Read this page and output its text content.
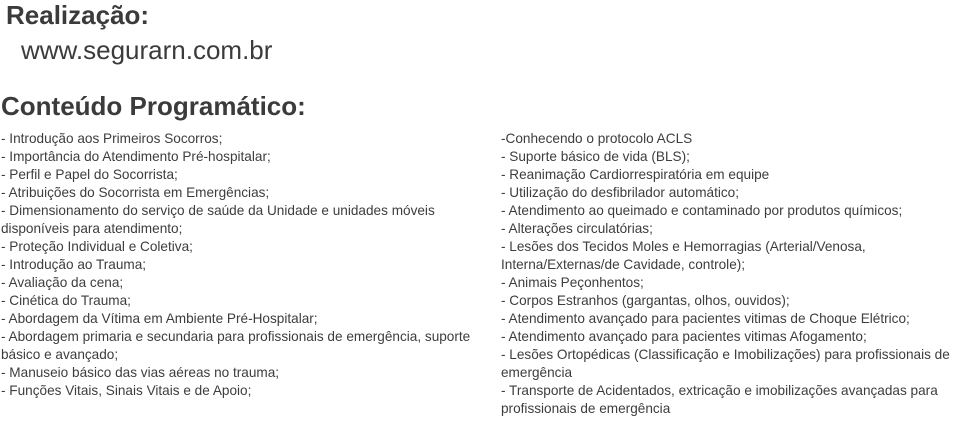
Realização:
www.segurarn.com.br
Conteúdo Programático:
- Introdução aos Primeiros Socorros;
- Importância do Atendimento Pré-hospitalar;
- Perfil e Papel do Socorrista;
- Atribuições do Socorrista em Emergências;
- Dimensionamento do serviço de saúde da Unidade e unidades móveis disponíveis para atendimento;
- Proteção Individual e Coletiva;
- Introdução ao Trauma;
- Avaliação da cena;
- Cinética do Trauma;
- Abordagem da Vítima em Ambiente Pré-Hospitalar;
- Abordagem primaria e secundaria para profissionais de emergência, suporte básico e avançado;
- Manuseio básico das vias aéreas no trauma;
- Funções Vitais, Sinais Vitais e de Apoio;
-Conhecendo o protocolo ACLS
- Suporte básico de vida (BLS);
- Reanimação Cardiorrespiratória em equipe
- Utilização do desfibrilador automático;
- Atendimento ao queimado e contaminado por produtos químicos;
- Alterações circulatórias;
- Lesões dos Tecidos Moles e Hemorragias (Arterial/Venosa, Interna/Externas/de Cavidade, controle);
- Animais Peçonhentos;
- Corpos Estranhos (gargantas, olhos, ouvidos);
- Atendimento avançado para pacientes vitimas de Choque Elétrico;
- Atendimento avançado para pacientes vitimas Afogamento;
- Lesões Ortopédicas (Classificação e Imobilizações) para profissionais de emergência
- Transporte de Acidentados, extricação e imobilizações avançadas para profissionais de emergência
